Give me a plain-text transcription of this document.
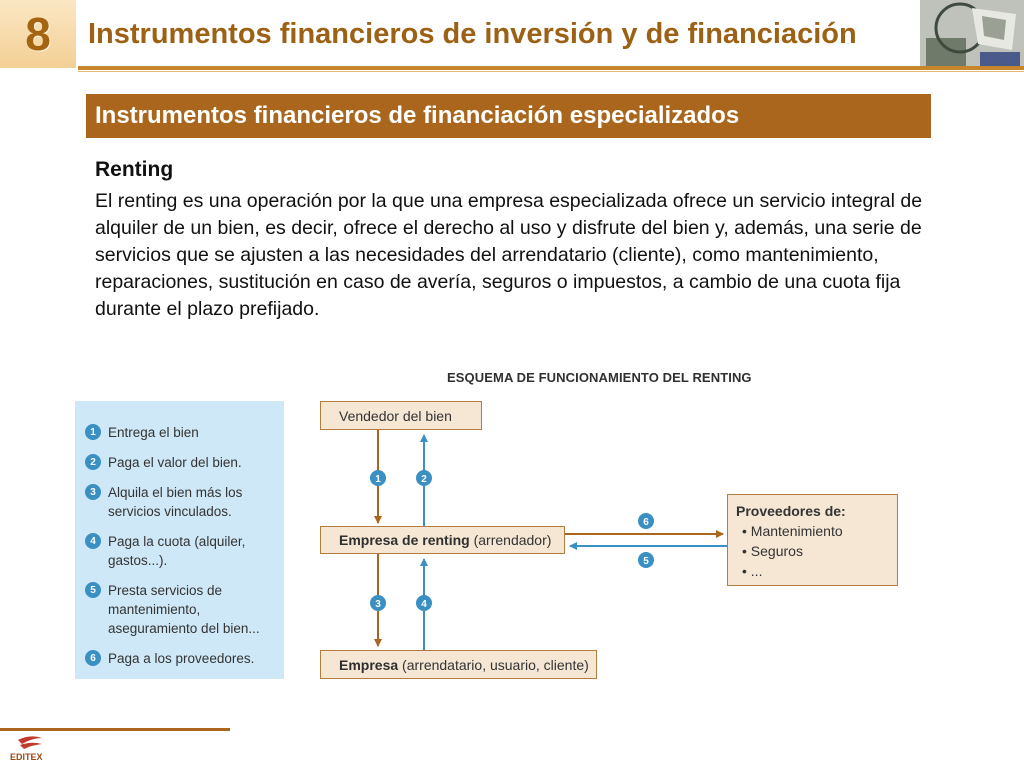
8	Instrumentos financieros de inversión y de financiación
Instrumentos financieros de financiación especializados
Renting
El renting es una operación por la que una empresa especializada ofrece un servicio integral de alquiler de un bien, es decir, ofrece el derecho al uso y disfrute del bien y, además, una serie de servicios que se ajusten a las necesidades del arrendatario (cliente), como mantenimiento, reparaciones, sustitución en caso de avería, seguros o impuestos, a cambio de una cuota fija durante el plazo prefijado.
ESQUEMA DE FUNCIONAMIENTO DEL RENTING
1 Entrega el bien
2 Paga el valor del bien.
3 Alquila el bien más los servicios vinculados.
4 Paga la cuota (alquiler, gastos...).
5 Presta servicios de mantenimiento, aseguramiento del bien...
6 Paga a los proveedores.
1	2
3	4
6
5
Vendedor del bien
Empresa de renting (arrendador)
Empresa (arrendatario, usuario, cliente)
Proveedores de:
• Mantenimiento
• Seguros
• ...
EDITEX
